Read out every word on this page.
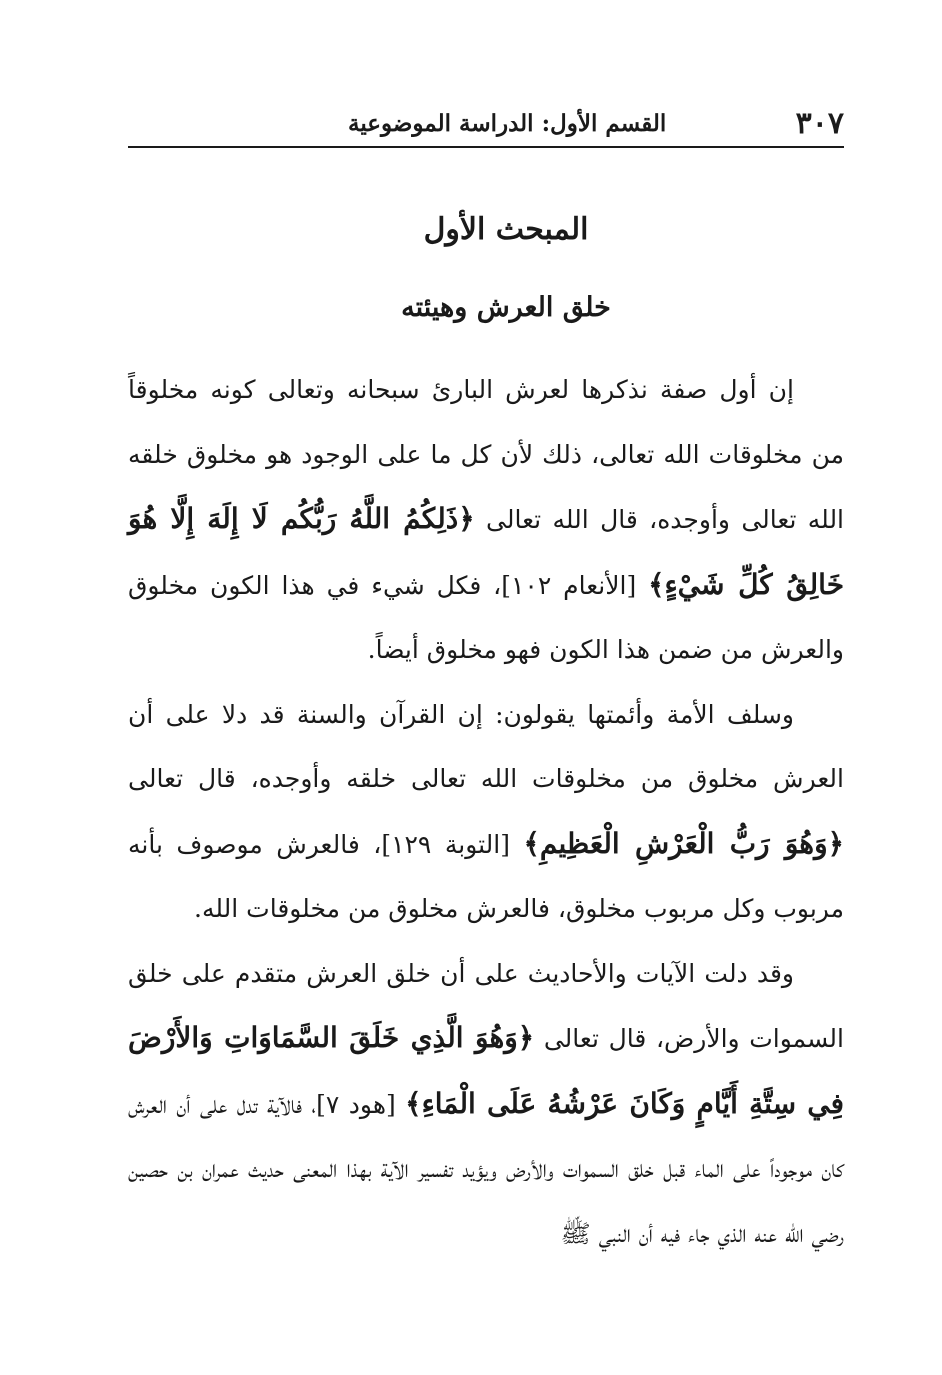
٣٠٧
القسم الأول: الدراسة الموضوعية
المبحث الأول
خلق العرش وهيئته

إن أول صفة نذكرها لعرش البارئ سبحانه وتعالى كونه مخلوقاً من مخلوقات الله تعالى، ذلك لأن كل ما على الوجود هو مخلوق خلقه الله تعالى وأوجده، قال الله تعالى ﴿ذَلِكُمُ اللَّهُ رَبُّكُم لَا إِلَهَ إِلَّا هُوَ خَالِقُ كُلِّ شَيْءٍ﴾ [الأنعام ١٠٢]، فكل شيء في هذا الكون مخلوق والعرش من ضمن هذا الكون فهو مخلوق أيضاً.

وسلف الأمة وأئمتها يقولون: إن القرآن والسنة قد دلا على أن العرش مخلوق من مخلوقات الله تعالى خلقه وأوجده، قال تعالى ﴿وَهُوَ رَبُّ الْعَرْشِ الْعَظِيمِ﴾ [التوبة ١٢٩]، فالعرش موصوف بأنه مربوب وكل مربوب مخلوق، فالعرش مخلوق من مخلوقات الله.

وقد دلت الآيات والأحاديث على أن خلق العرش متقدم على خلق السموات والأرض، قال تعالى ﴿وَهُوَ الَّذِي خَلَقَ السَّمَاوَاتِ وَالأَرْضَ فِي سِتَّةِ أَيَّامٍ وَكَانَ عَرْشُهُ عَلَى الْمَاءِ﴾ [هود ٧]، فالآية تدل على أن العرش كان موجوداً على الماء قبل خلق السموات والأرض ويؤيد تفسير الآية بهذا المعنى حديث عمران بن حصين رضي الله عنه الذي جاء فيه أن النبي ﷺ
